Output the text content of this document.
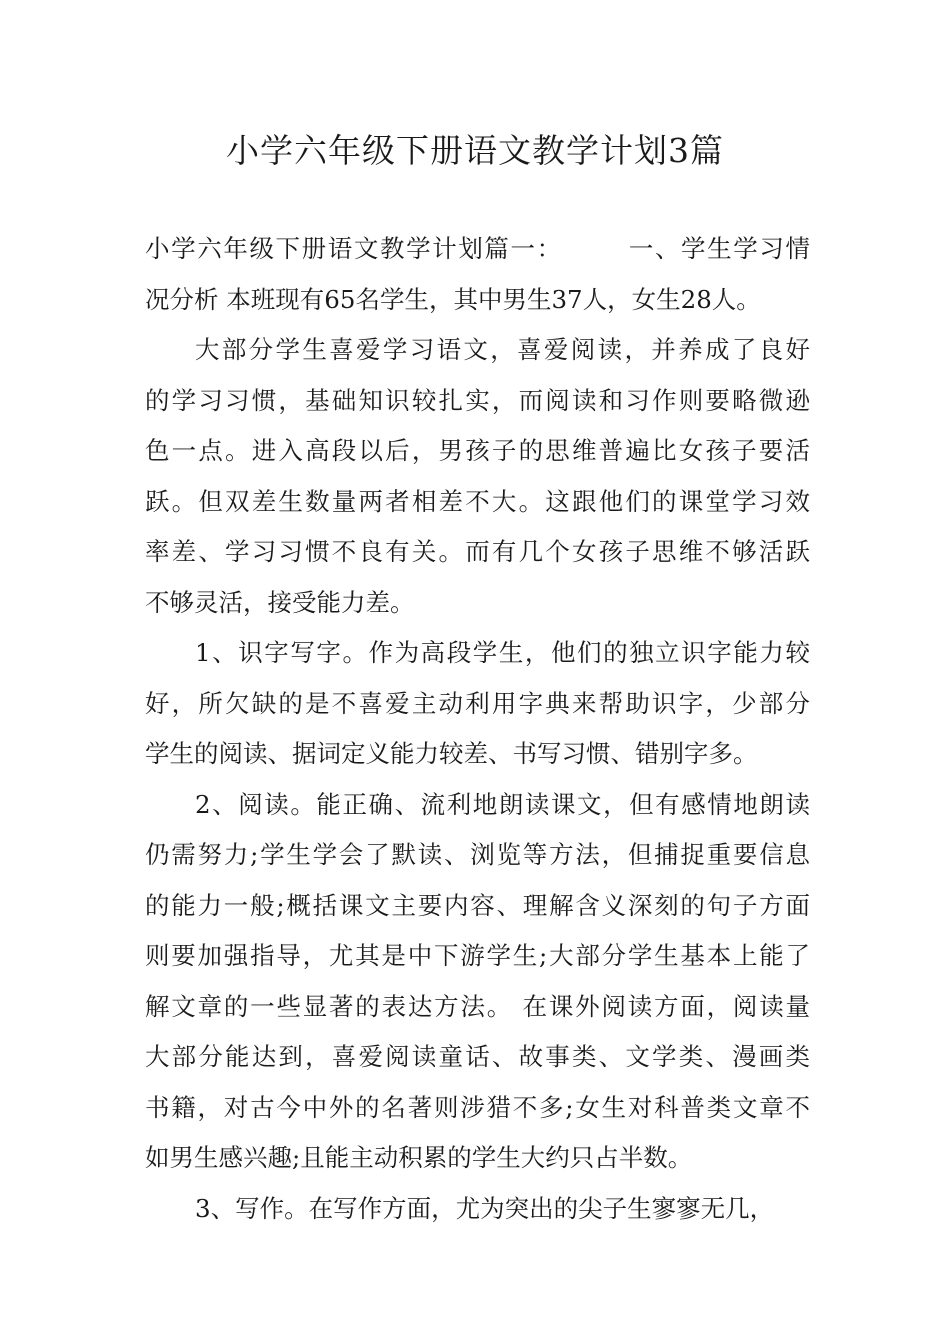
小学六年级下册语文教学计划3篇
小学六年级下册语文教学计划篇一：　　　一、学生学习情
况分析 本班现有65名学生，其中男生37人，女生28人。
大部分学生喜爱学习语文，喜爱阅读，并养成了良好
的学习习惯，基础知识较扎实，而阅读和习作则要略微逊
色一点。进入高段以后，男孩子的思维普遍比女孩子要活
跃。但双差生数量两者相差不大。这跟他们的课堂学习效
率差、学习习惯不良有关。而有几个女孩子思维不够活跃
不够灵活，接受能力差。
1、识字写字。作为高段学生，他们的独立识字能力较
好，所欠缺的是不喜爱主动利用字典来帮助识字，少部分
学生的阅读、据词定义能力较差、书写习惯、错别字多。
2、阅读。能正确、流利地朗读课文，但有感情地朗读
仍需努力;学生学会了默读、浏览等方法，但捕捉重要信息
的能力一般;概括课文主要内容、理解含义深刻的句子方面
则要加强指导，尤其是中下游学生;大部分学生基本上能了
解文章的一些显著的表达方法。 在课外阅读方面，阅读量
大部分能达到，喜爱阅读童话、故事类、文学类、漫画类
书籍，对古今中外的名著则涉猎不多;女生对科普类文章不
如男生感兴趣;且能主动积累的学生大约只占半数。
3、写作。在写作方面，尤为突出的尖子生寥寥无几，
